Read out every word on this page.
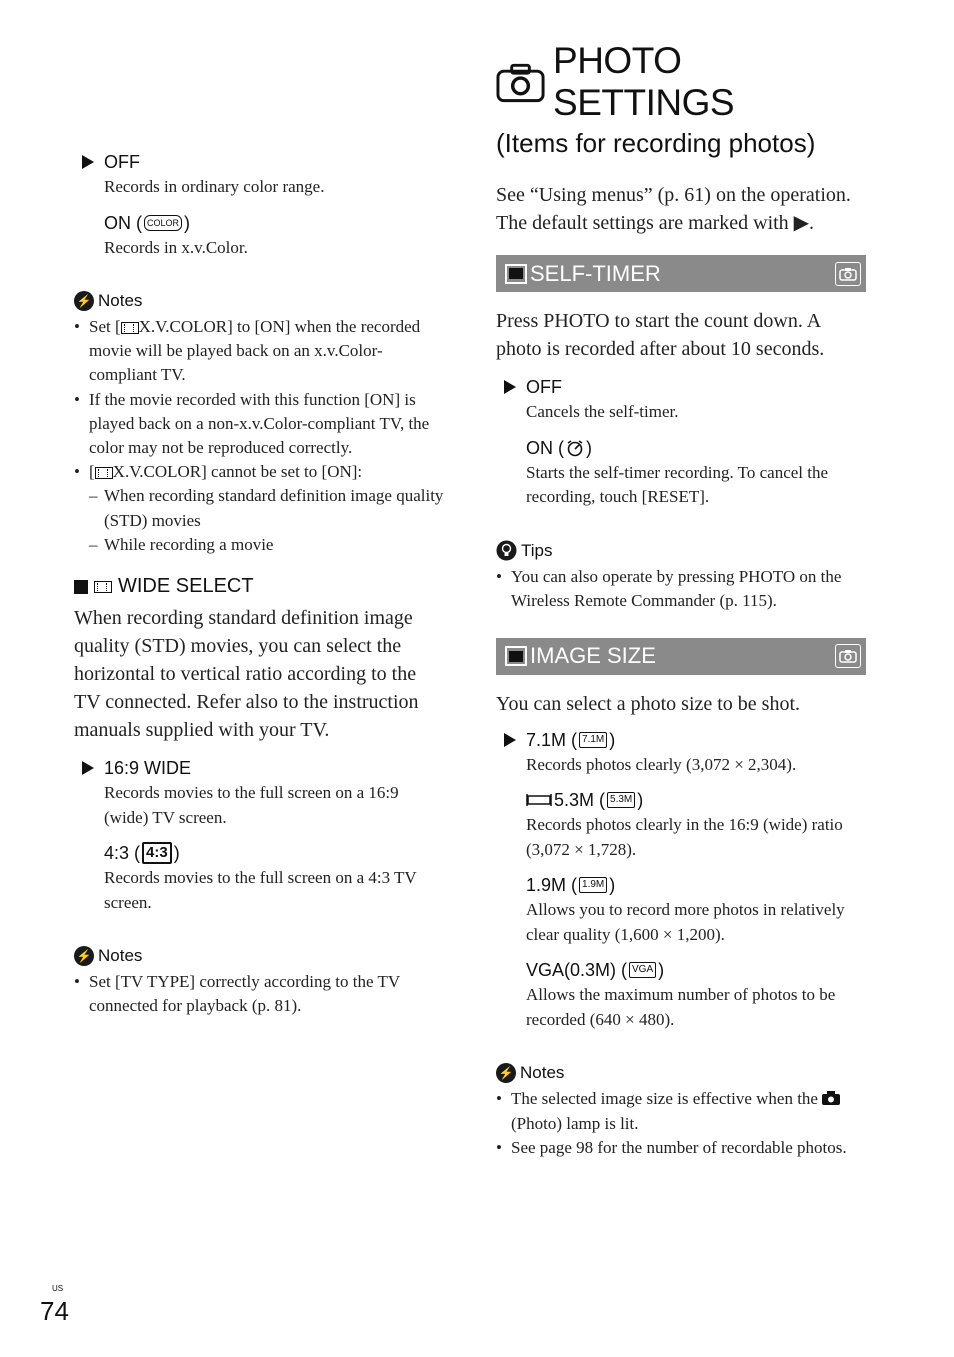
PHOTO SETTINGS
(Items for recording photos)
See “Using menus” (p. 61) on the operation. The default settings are marked with ▶.
SELF-TIMER
Press PHOTO to start the count down. A photo is recorded after about 10 seconds.
OFF
Cancels the self-timer.
ON ( )
Starts the self-timer recording. To cancel the recording, touch [RESET].
Tips
• You can also operate by pressing PHOTO on the Wireless Remote Commander (p. 115).
IMAGE SIZE
You can select a photo size to be shot.
7.1M ( 7.1M )
Records photos clearly (3,072 × 2,304).
5.3M ( 5.3M )
Records photos clearly in the 16:9 (wide) ratio (3,072 × 1,728).
1.9M ( 1.9M )
Allows you to record more photos in relatively clear quality (1,600 × 1,200).
VGA(0.3M) ( VGA )
Allows the maximum number of photos to be recorded (640 × 480).
⚡ Notes
• The selected image size is effective when the  (Photo) lamp is lit.
• See page 98 for the number of recordable photos.
OFF
Records in ordinary color range.
ON ( COLOR )
Records in x.v.Color.
⚡ Notes
• Set [ X.V.COLOR] to [ON] when the recorded movie will be played back on an x.v.Color-compliant TV.
• If the movie recorded with this function [ON] is played back on a non-x.v.Color-compliant TV, the color may not be reproduced correctly.
• [ X.V.COLOR] cannot be set to [ON]:
– When recording standard definition image quality (STD) movies
– While recording a movie
WIDE SELECT
When recording standard definition image quality (STD) movies, you can select the horizontal to vertical ratio according to the TV connected. Refer also to the instruction manuals supplied with your TV.
16:9 WIDE
Records movies to the full screen on a 16:9 (wide) TV screen.
4:3 ( 4:3 )
Records movies to the full screen on a 4:3 TV screen.
⚡ Notes
• Set [TV TYPE] correctly according to the TV connected for playback (p. 81).
US
74
